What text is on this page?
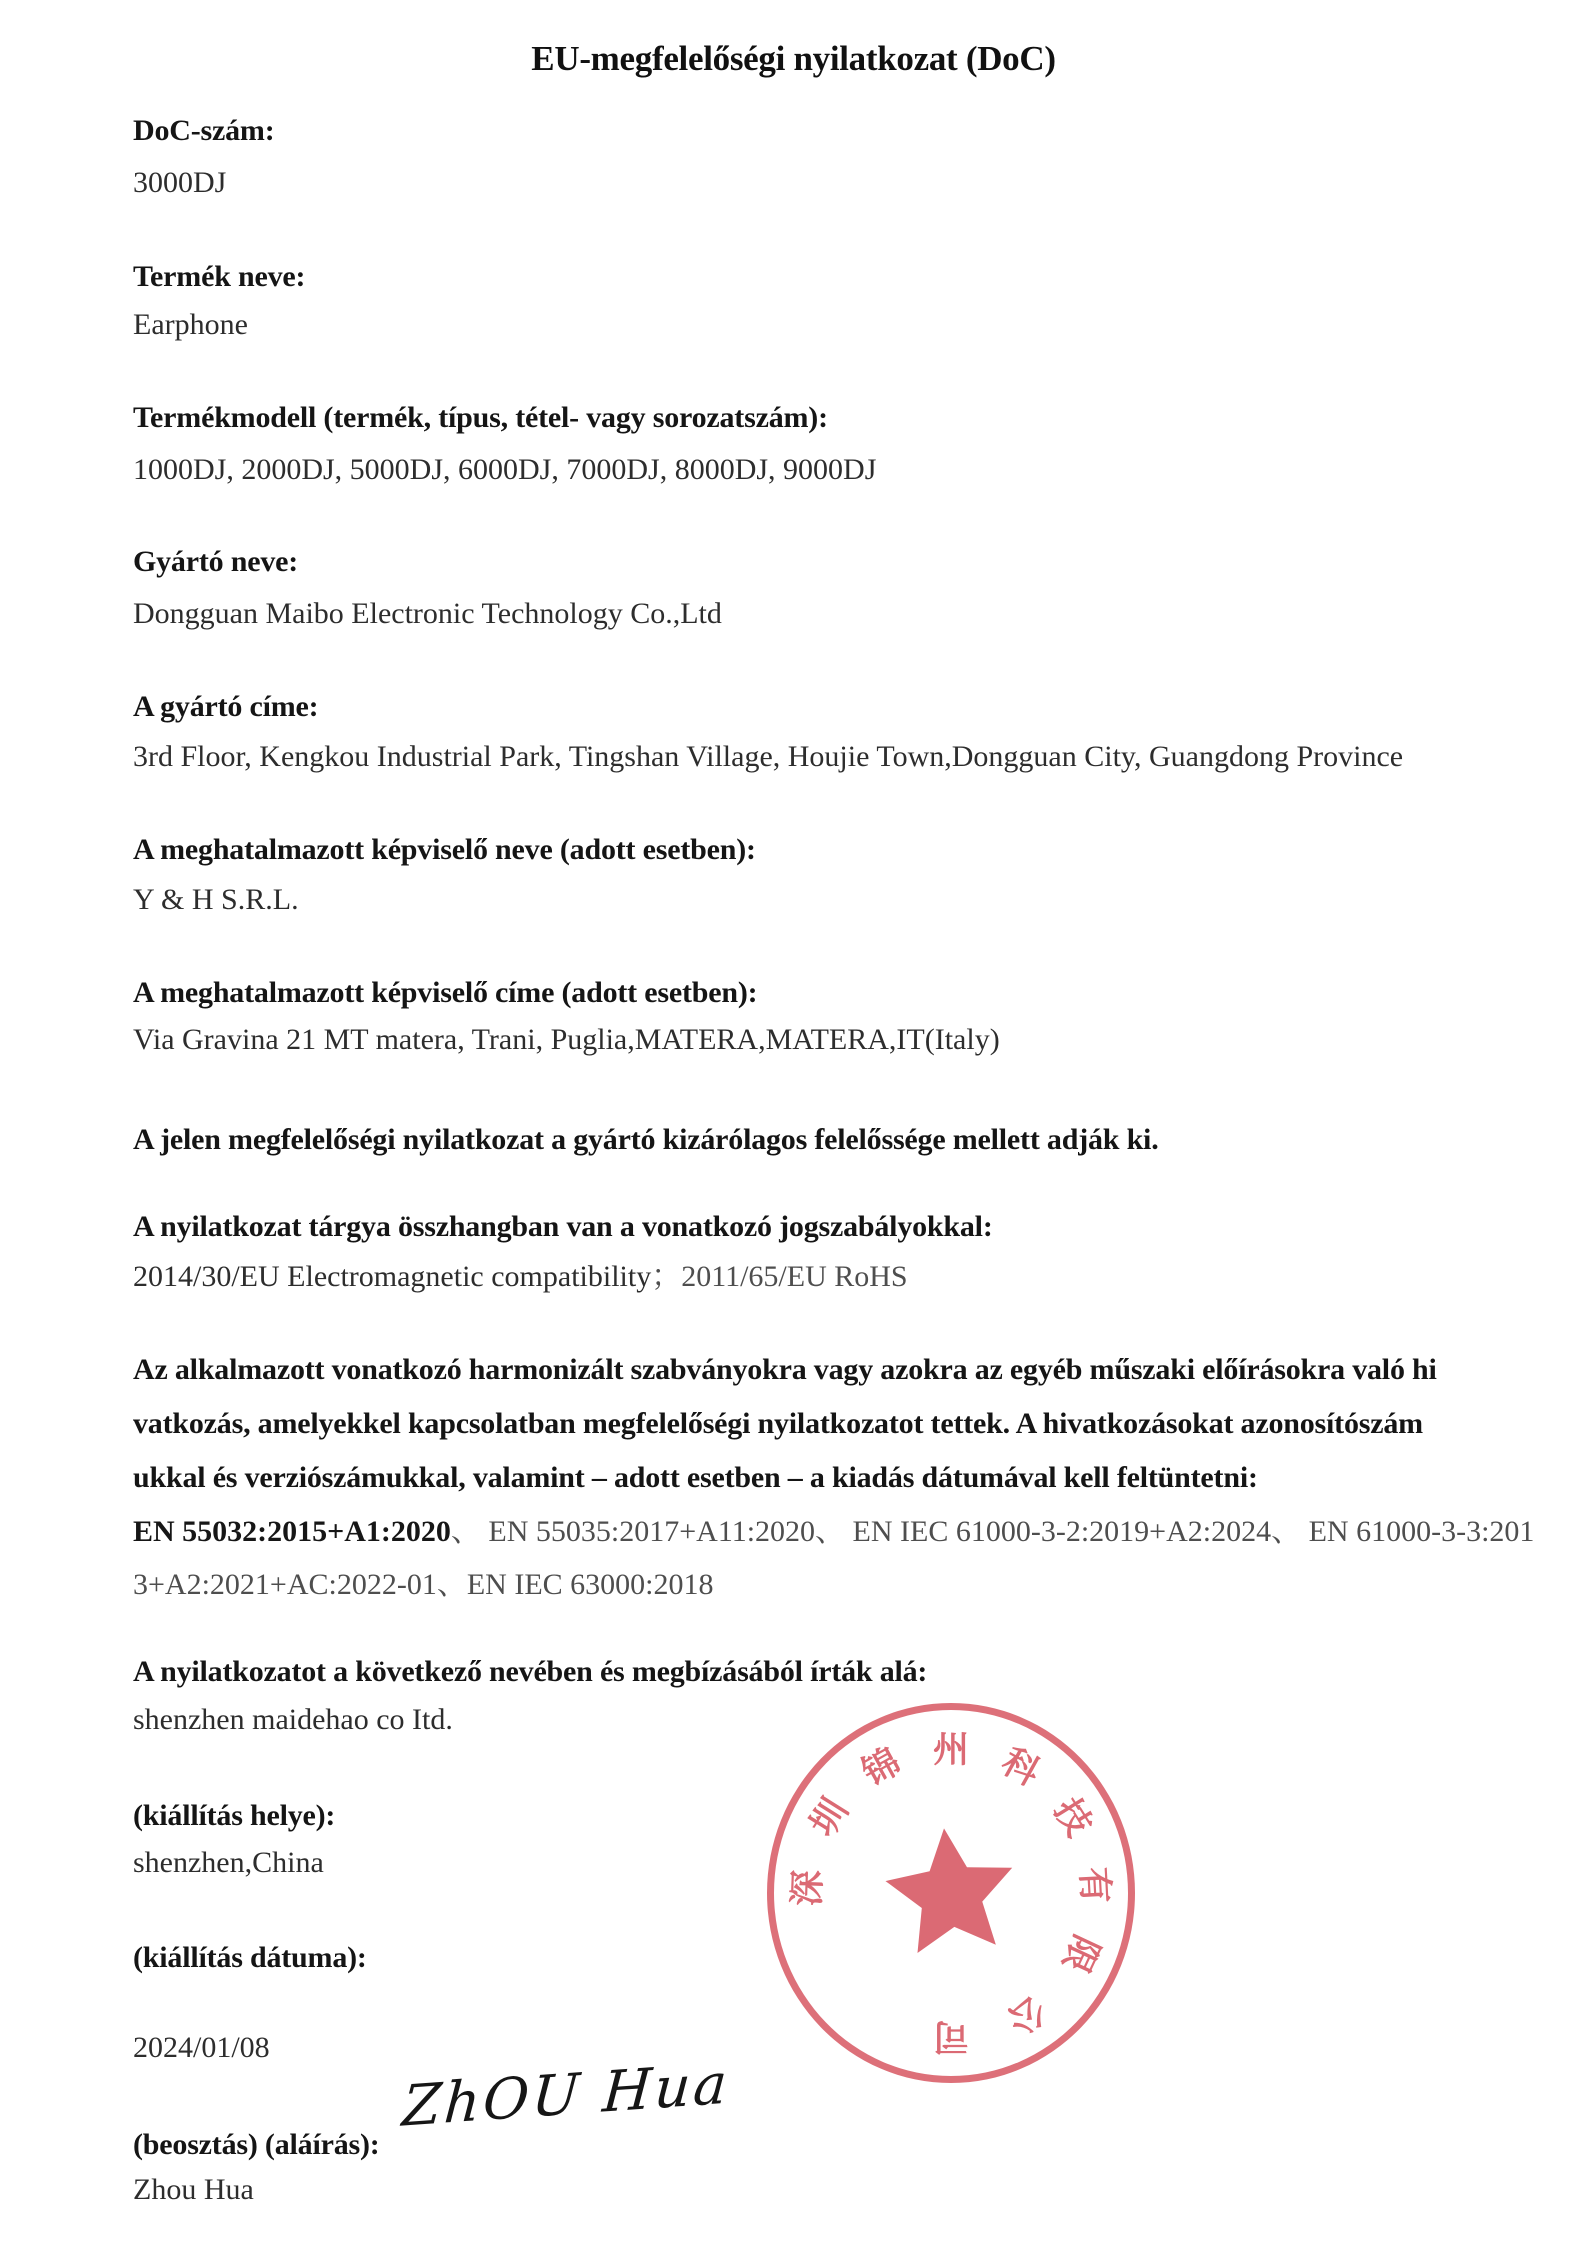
EU-megfelelőségi nyilatkozat (DoC)
DoC-szám:
3000DJ
Termék neve:
Earphone
Termékmodell (termék, típus, tétel- vagy sorozatszám):
1000DJ, 2000DJ, 5000DJ, 6000DJ, 7000DJ, 8000DJ, 9000DJ
Gyártó neve:
Dongguan Maibo Electronic Technology Co.,Ltd
A gyártó címe:
3rd Floor, Kengkou Industrial Park, Tingshan Village, Houjie Town,Dongguan City, Guangdong Province
A meghatalmazott képviselő neve (adott esetben):
Y & H S.R.L.
A meghatalmazott képviselő címe (adott esetben):
Via Gravina 21 MT matera, Trani, Puglia,MATERA,MATERA,IT(Italy)
A jelen megfelelőségi nyilatkozat a gyártó kizárólagos felelőssége mellett adják ki.
A nyilatkozat tárgya összhangban van a vonatkozó jogszabályokkal:
2014/30/EU Electromagnetic compatibility；2011/65/EU RoHS
Az alkalmazott vonatkozó harmonizált szabványokra vagy azokra az egyéb műszaki előírásokra való hi
vatkozás, amelyekkel kapcsolatban megfelelőségi nyilatkozatot tettek. A hivatkozásokat azonosítószám
ukkal és verziószámukkal, valamint – adott esetben – a kiadás dátumával kell feltüntetni:
EN 55032:2015+A1:2020、 EN 55035:2017+A11:2020、 EN IEC 61000-3-2:2019+A2:2024、 EN 61000-3-3:201
3+A2:2021+AC:2022-01、EN IEC 63000:2018
A nyilatkozatot a következő nevében és megbízásából írták alá:
shenzhen maidehao co Itd.
(kiállítás helye):
shenzhen,China
(kiállítás dátuma):
2024/01/08
(beosztás) (aláírás):
Zhou Hua
ZhOU Hua
深
圳
锦 州 科
技
有
限
公
司
